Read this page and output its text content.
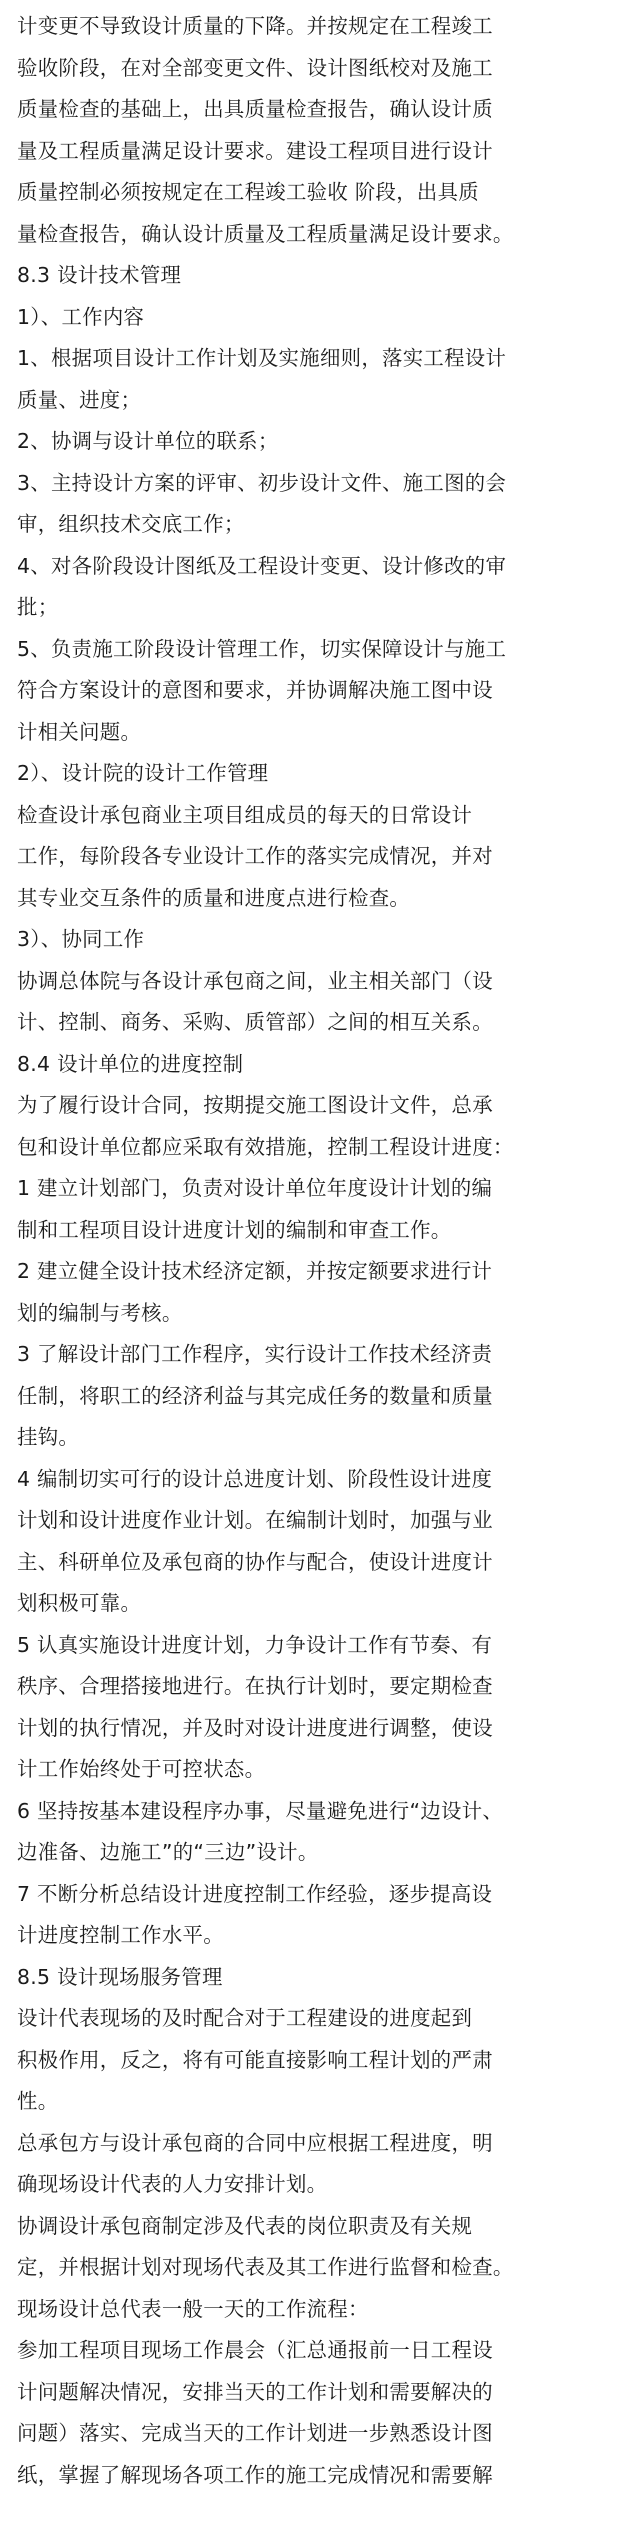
计变更不导致设计质量的下降。并按规定在工程竣工
验收阶段，在对全部变更文件、设计图纸校对及施工
质量检查的基础上，出具质量检查报告，确认设计质
量及工程质量满足设计要求。建设工程项目进行设计
质量控制必须按规定在工程竣工验收 阶段，出具质
量检查报告，确认设计质量及工程质量满足设计要求。
8.3 设计技术管理
1）、工作内容
1、根据项目设计工作计划及实施细则，落实工程设计
质量、进度；
2、协调与设计单位的联系；
3、主持设计方案的评审、初步设计文件、施工图的会
审，组织技术交底工作；
4、对各阶段设计图纸及工程设计变更、设计修改的审
批；
5、负责施工阶段设计管理工作，切实保障设计与施工
符合方案设计的意图和要求，并协调解决施工图中设
计相关问题。
2）、设计院的设计工作管理
检查设计承包商业主项目组成员的每天的日常设计
工作，每阶段各专业设计工作的落实完成情况，并对
其专业交互条件的质量和进度点进行检查。
3）、协同工作
协调总体院与各设计承包商之间，业主相关部门（设
计、控制、商务、采购、质管部）之间的相互关系。
8.4 设计单位的进度控制
为了履行设计合同，按期提交施工图设计文件，总承
包和设计单位都应采取有效措施，控制工程设计进度：
1 建立计划部门，负责对设计单位年度设计计划的编
制和工程项目设计进度计划的编制和审查工作。
2 建立健全设计技术经济定额，并按定额要求进行计
划的编制与考核。
3 了解设计部门工作程序，实行设计工作技术经济责
任制，将职工的经济利益与其完成任务的数量和质量
挂钩。
4 编制切实可行的设计总进度计划、阶段性设计进度
计划和设计进度作业计划。在编制计划时，加强与业
主、科研单位及承包商的协作与配合，使设计进度计
划积极可靠。
5 认真实施设计进度计划，力争设计工作有节奏、有
秩序、合理搭接地进行。在执行计划时，要定期检查
计划的执行情况，并及时对设计进度进行调整，使设
计工作始终处于可控状态。
6 坚持按基本建设程序办事，尽量避免进行“边设计、
边准备、边施工”的“三边”设计。
7 不断分析总结设计进度控制工作经验，逐步提高设
计进度控制工作水平。
8.5 设计现场服务管理
设计代表现场的及时配合对于工程建设的进度起到
积极作用，反之，将有可能直接影响工程计划的严肃
性。
总承包方与设计承包商的合同中应根据工程进度，明
确现场设计代表的人力安排计划。
协调设计承包商制定涉及代表的岗位职责及有关规
定，并根据计划对现场代表及其工作进行监督和检查。
现场设计总代表一般一天的工作流程：
参加工程项目现场工作晨会（汇总通报前一日工程设
计问题解决情况，安排当天的工作计划和需要解决的
问题）落实、完成当天的工作计划进一步熟悉设计图
纸，掌握了解现场各项工作的施工完成情况和需要解
